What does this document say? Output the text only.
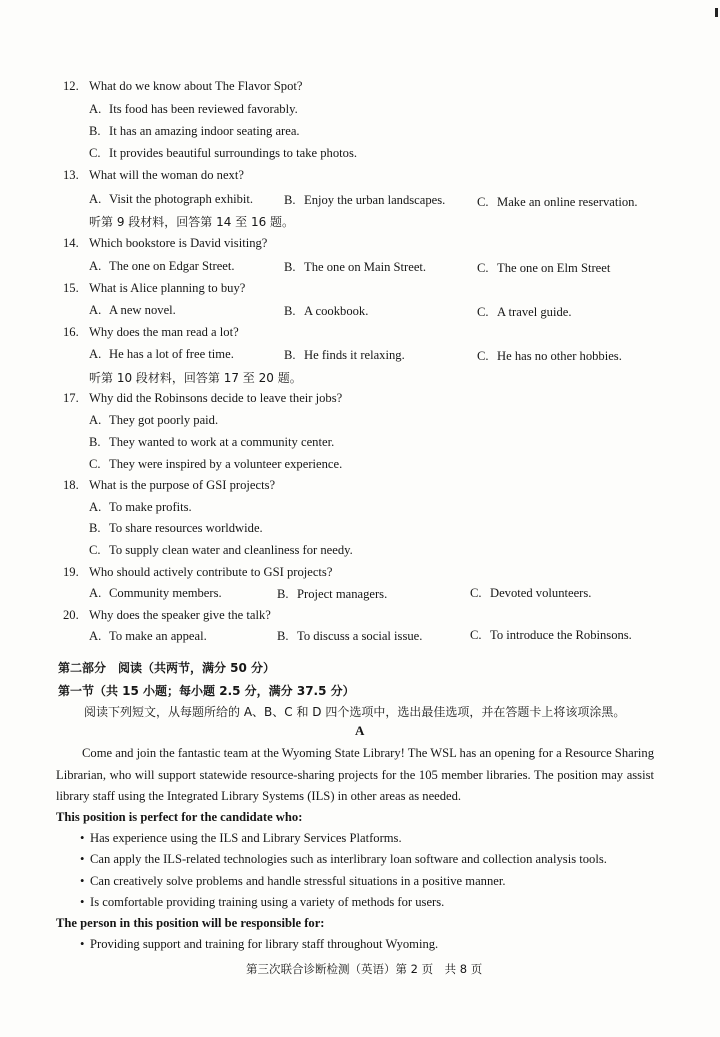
12. What do we know about The Flavor Spot?
A. Its food has been reviewed favorably.
B. It has an amazing indoor seating area.
C. It provides beautiful surroundings to take photos.
13. What will the woman do next?
A. Visit the photograph exhibit. B. Enjoy the urban landscapes.	C. Make an online reservation.
听第 9 段材料，回答第 14 至 16 题。
14. Which bookstore is David visiting?
A. The one on Edgar Street.	B. The one on Main Street.	C. The one on Elm Street
15. What is Alice planning to buy?
A. A new novel.	B. A cookbook.	C. A travel guide.
16. Why does the man read a lot?
A. He has a lot of free time.	B. He finds it relaxing.	C. He has no other hobbies.
听第 10 段材料，回答第 17 至 20 题。
17. Why did the Robinsons decide to leave their jobs?
A. They got poorly paid.
B. They wanted to work at a community center.
C. They were inspired by a volunteer experience.
18. What is the purpose of GSI projects?
A. To make profits.
B. To share resources worldwide.
C. To supply clean water and cleanliness for needy.
19. Who should actively contribute to GSI projects?
A. Community members.	B. Project managers.	C. Devoted volunteers.
20. Why does the speaker give the talk?
A. To make an appeal.	B. To discuss a social issue.	C. To introduce the Robinsons.
第二部分　阅读（共两节，满分 50 分）
第一节（共 15 小题；每小题 2.5 分，满分 37.5 分）
阅读下列短文，从每题所给的 A、B、C 和 D 四个选项中，选出最佳选项，并在答题卡上将该项涂黑。
A
Come and join the fantastic team at the Wyoming State Library! The WSL has an opening for a Resource Sharing Librarian, who will support statewide resource-sharing projects for the 105 member libraries. The position may assist library staff using the Integrated Library Systems (ILS) in other areas as needed.
This position is perfect for the candidate who:
• Has experience using the ILS and Library Services Platforms.
• Can apply the ILS-related technologies such as interlibrary loan software and collection analysis tools.
• Can creatively solve problems and handle stressful situations in a positive manner.
• Is comfortable providing training using a variety of methods for users.
The person in this position will be responsible for:
• Providing support and training for library staff throughout Wyoming.
第三次联合诊断检测（英语）第 2 页　共 8 页
